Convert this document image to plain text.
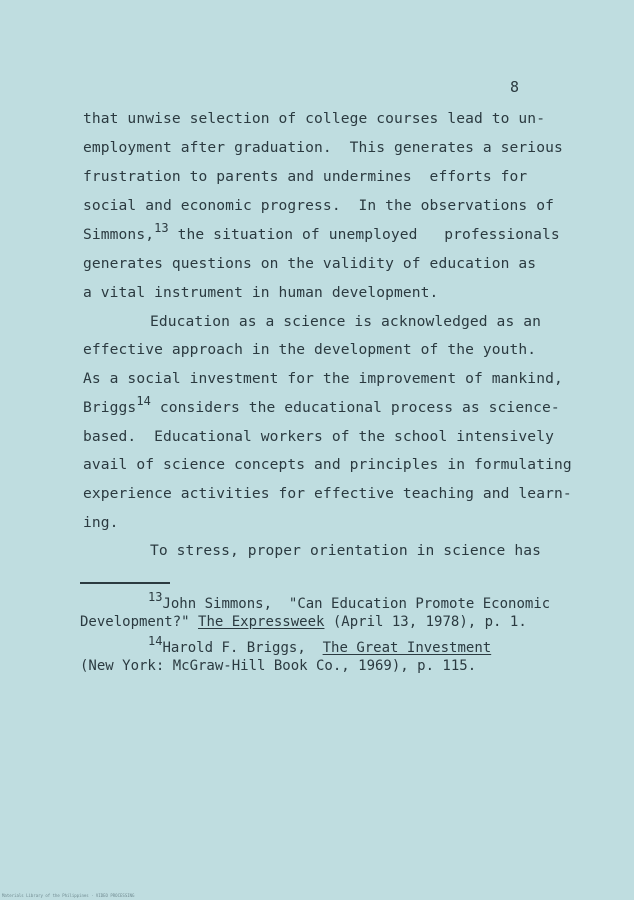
8
that unwise selection of college courses lead to un-
employment after graduation.  This generates a serious
frustration to parents and undermines  efforts for
social and economic progress.  In the observations of
Simmons,$^{13}$ the situation of unemployed   professionals
generates questions on the validity of education as
a vital instrument in human development.
Education as a science is acknowledged as an
effective approach in the development of the youth.
As a social investment for the improvement of mankind,
Briggs$^{14}$ considers the educational process as science-
based.  Educational workers of the school intensively
avail of science concepts and principles in formulating
experience activities for effective teaching and learn-
ing.
To stress, proper orientation in science has
$^{13}$John Simmons,  "Can Education Promote Economic
Development?" The Expressweek (April 13, 1978), p. 1.
$^{14}$Harold F. Briggs,  The Great Investment
(New York: McGraw-Hill Book Co., 1969), p. 115.
Materials Library of the Philippines · VIDEO PROCESSING
